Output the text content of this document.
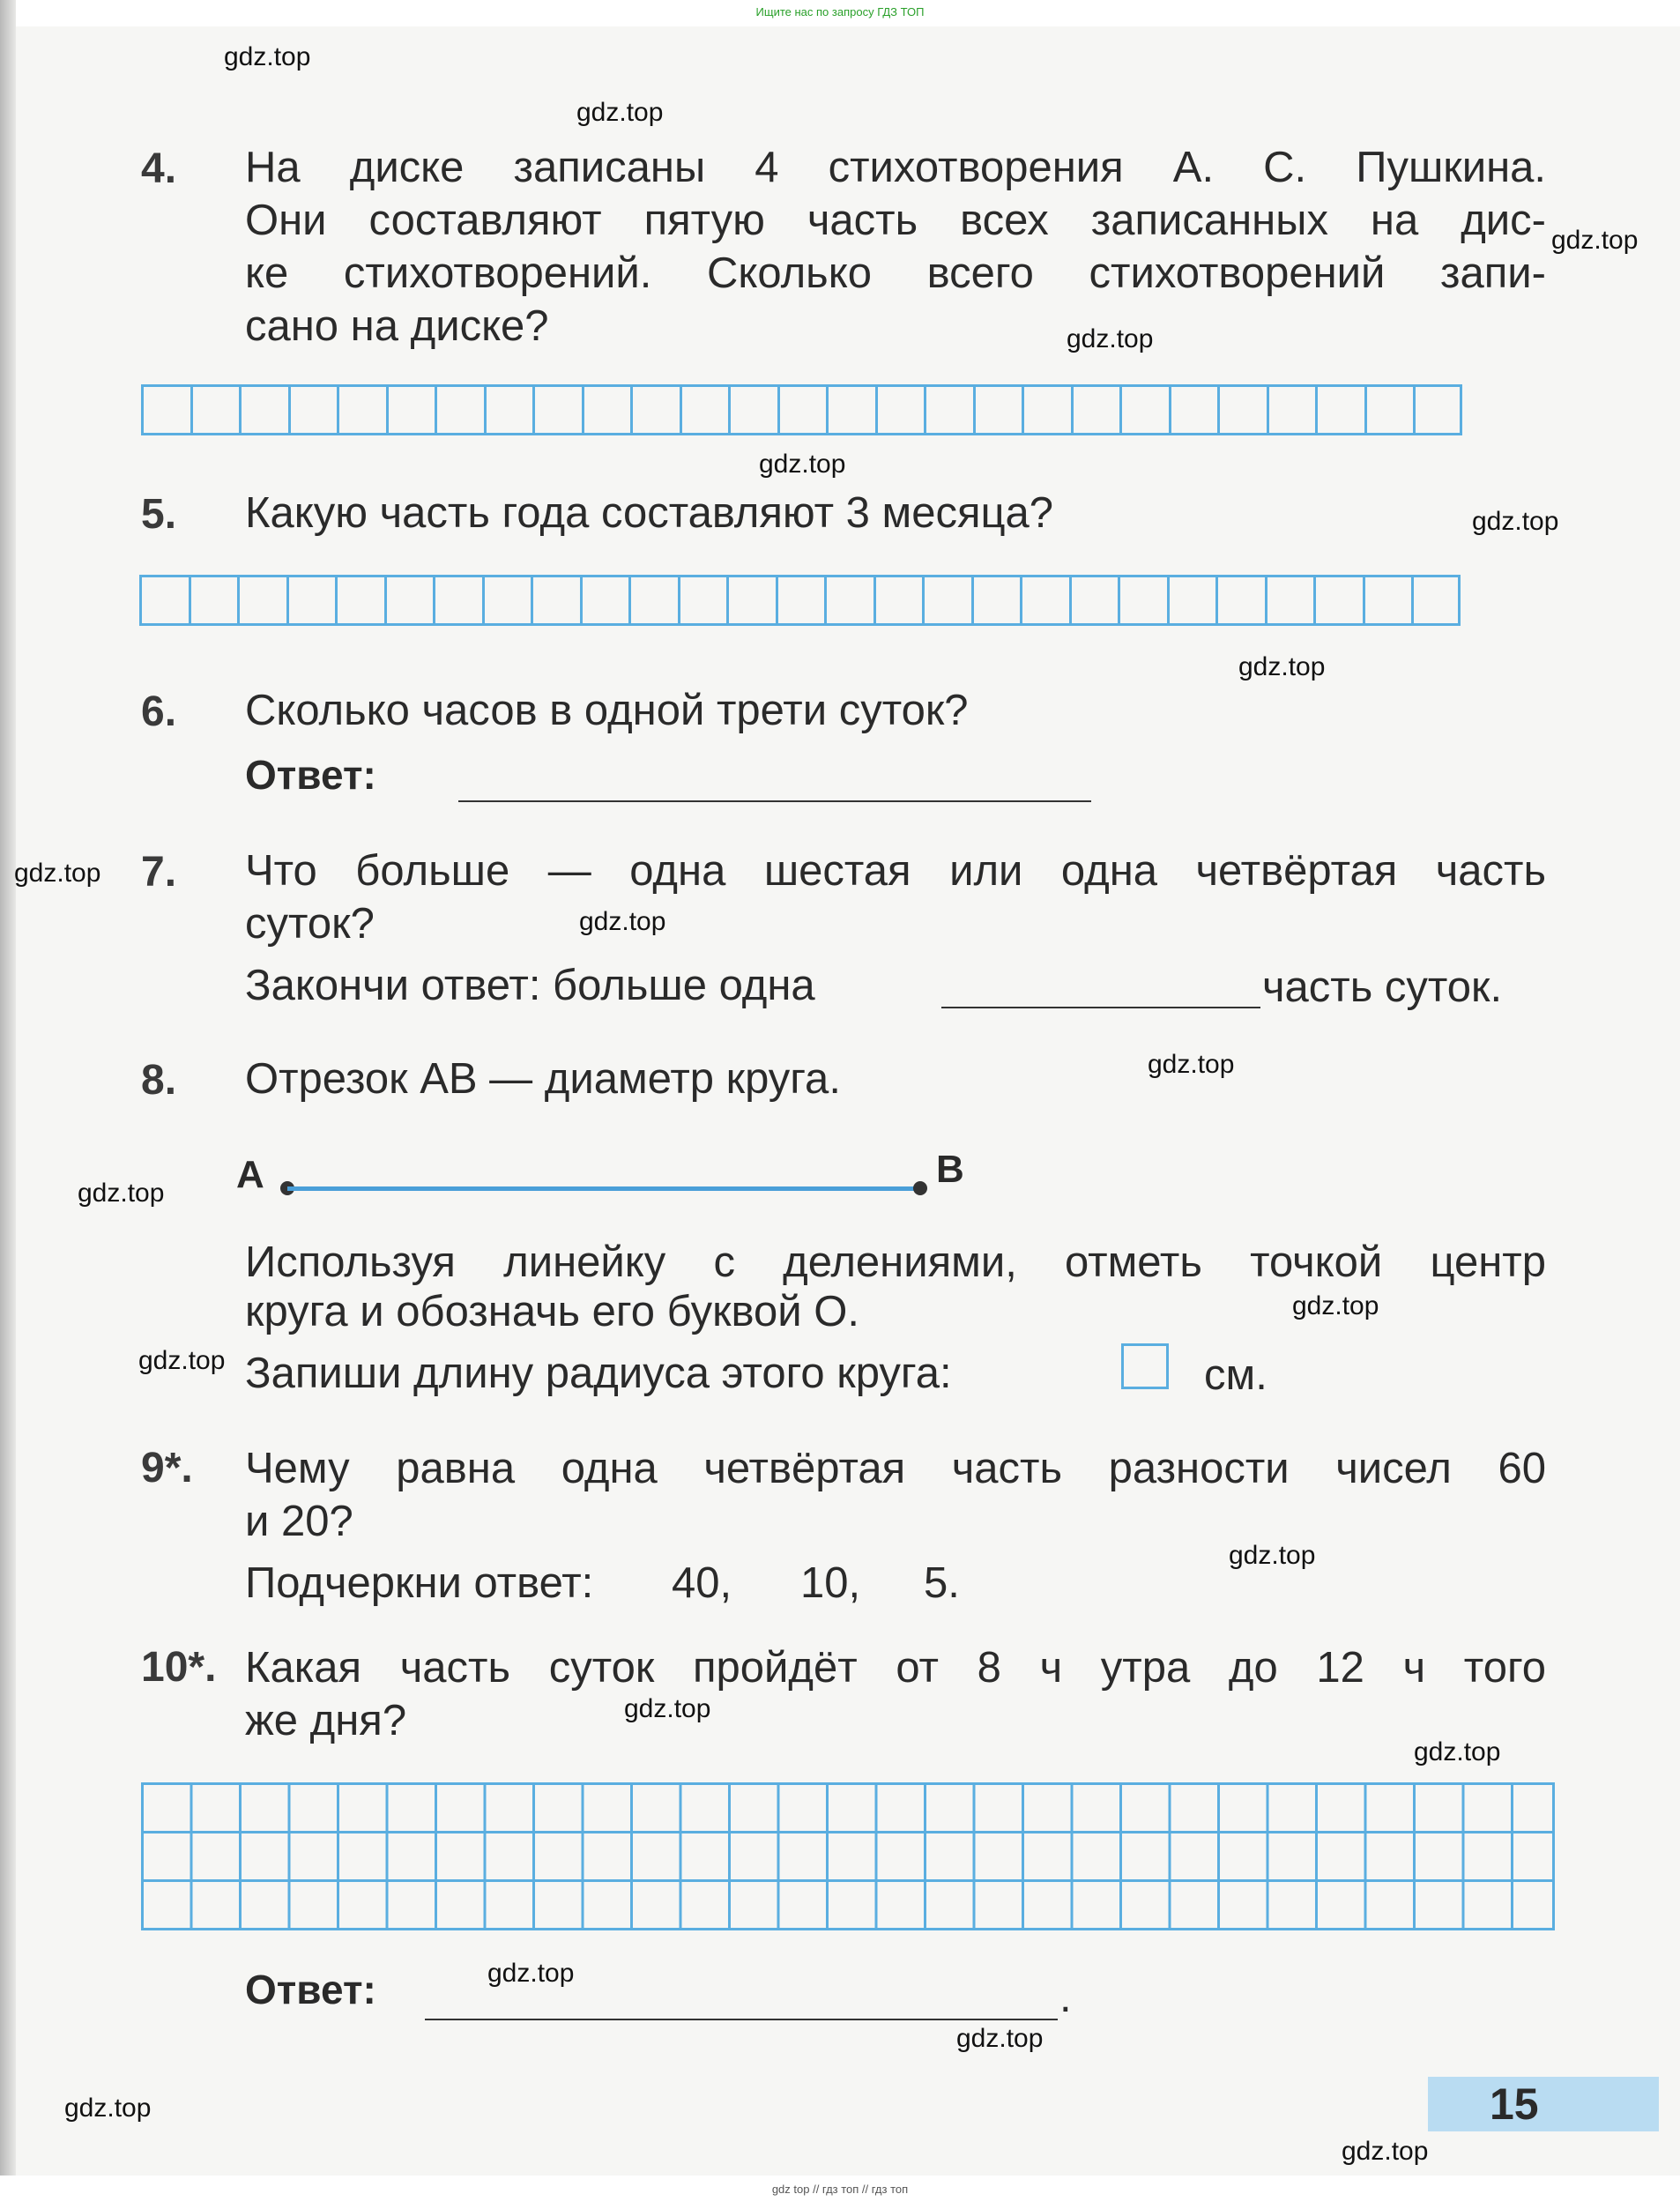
Ищите нас по запросу ГДЗ ТОП
gdz.top
gdz.top
gdz.top
gdz.top
gdz.top
gdz.top
gdz.top
gdz.top
gdz.top
gdz.top
gdz.top
gdz.top
gdz.top
gdz.top
gdz.top
gdz.top
gdz.top
gdz.top
gdz.top
gdz.top
4. На диске записаны 4 стихотворения А. С. Пушкина.
Они составляют пятую часть всех записанных на дис-
ке стихотворений. Сколько всего стихотворений запи-
сано на диске?
5. Какую часть года составляют 3 месяца?
6. Сколько часов в одной трети суток?
Ответ:
7. Что больше — одна шестая или одна четвёртая часть
суток?
Закончи ответ: больше одна	часть суток.
8. Отрезок АВ — диаметр круга.
А	В
Используя линейку с делениями, отметь точкой центр
круга и обозначь его буквой О.
Запиши длину радиуса этого круга:	см.
9*. Чему равна одна четвёртая часть разности чисел 60
и 20?
Подчеркни ответ: 40, 10, 5.
10*. Какая часть суток пройдёт от 8 ч утра до 12 ч того
же дня?
Ответ:	.
15
gdz top // гдз топ // гдз топ
